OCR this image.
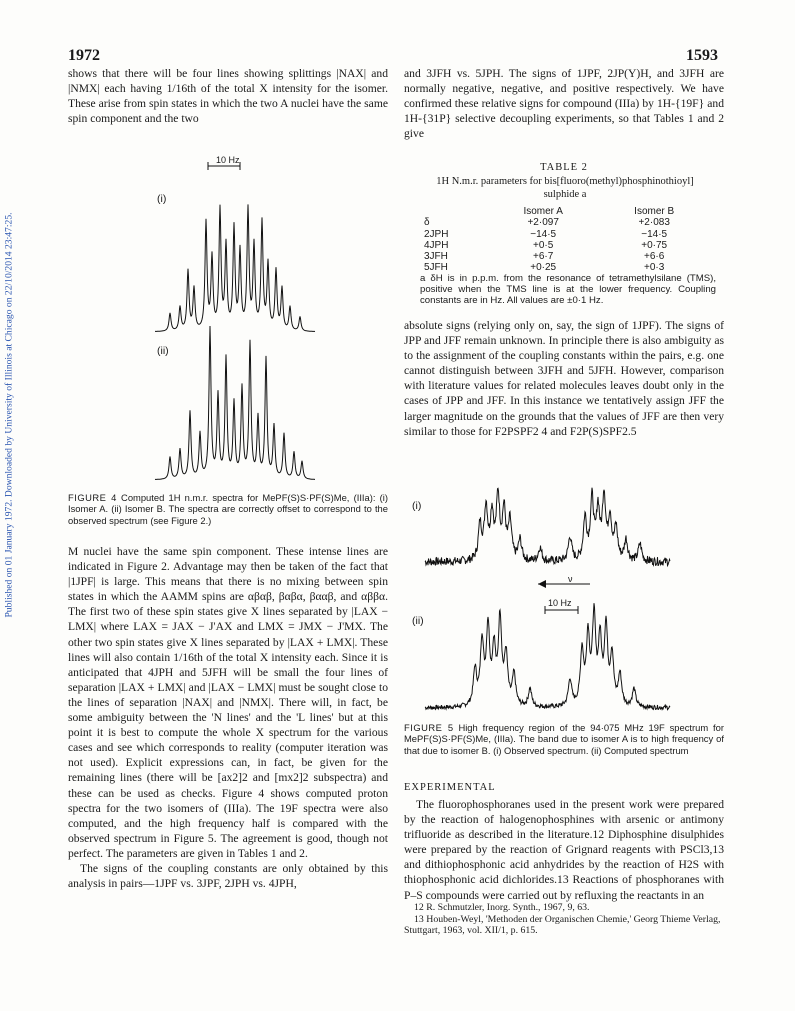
Published on 01 January 1972. Downloaded by University of Illinois at Chicago on 22/10/2014 23:47:25.
1972	1593

shows that there will be four lines showing splittings |NAX| and |NMX| each having 1/16th of the total X intensity for the isomer. These arise from spin states in which the two A nuclei have the same spin component and the two

(i)
(ii)
10 Hz
FIGURE 4 Computed 1H n.m.r. spectra for MePF(S)S·PF(S)Me, (IIIa): (i) Isomer A. (ii) Isomer B. The spectra are correctly offset to correspond to the observed spectrum (see Figure 2.)

M nuclei have the same spin component. These intense lines are indicated in Figure 2. Advantage may then be taken of the fact that |1JPF| is large. This means that there is no mixing between spin states in which the AAMM spins are αβαβ, βαβα, βααβ, and αββα. The first two of these spin states give X lines separated by |LAX − LMX| where LAX = JAX − J'AX and LMX = JMX − J'MX. The other two spin states give X lines separated by |LAX + LMX|. These lines will also contain 1/16th of the total X intensity each. Since it is anticipated that 4JPH and 5JFH will be small the four lines of separation |LAX + LMX| and |LAX − LMX| must be sought close to the lines of separation |NAX| and |NMX|. There will, in fact, be some ambiguity between the 'N lines' and the 'L lines' but at this point it is best to compute the whole X spectrum for the various cases and see which corresponds to reality (computer iteration was not used). Explicit expressions can, in fact, be given for the remaining lines (there will be [ax2]2 and [mx2]2 subspectra) and these can be used as checks. Figure 4 shows computed proton spectra for the two isomers of (IIIa). The 19F spectra were also computed, and the high frequency half is compared with the observed spectrum in Figure 5. The agreement is good, though not perfect. The parameters are given in Tables 1 and 2.

The signs of the coupling constants are only obtained by this analysis in pairs—1JPF vs. 3JPF, 2JPH vs. 4JPH,

and 3JFH vs. 5JPH. The signs of 1JPF, 2JP(Y)H, and 3JFH are normally negative, negative, and positive respectively. We have confirmed these relative signs for compound (IIIa) by 1H-{19F} and 1H-{31P} selective decoupling experiments, so that Tables 1 and 2 give

TABLE 2
1H N.m.r. parameters for bis[fluoro(methyl)phosphinothioyl] sulphide a
	Isomer A	Isomer B
δ	+2·097	+2·083
2JPH	−14·5	−14·5
4JPH	+0·5	+0·75
3JFH	+6·7	+6·6
5JFH	+0·25	+0·3
a δH is in p.p.m. from the resonance of tetramethylsilane (TMS), positive when the TMS line is at the lower frequency. Coupling constants are in Hz. All values are ±0·1 Hz.

absolute signs (relying only on, say, the sign of 1JPF). The signs of JPP and JFF remain unknown. In principle there is also ambiguity as to the assignment of the coupling constants within the pairs, e.g. one cannot distinguish between 3JFH and 5JFH. However, comparison with literature values for related molecules leaves doubt only in the cases of JPP and JFF. In this instance we tentatively assign JFF the larger magnitude on the grounds that the values of JFF are then very similar to those for F2PSPF2 4 and F2P(S)SPF2.5

(i)
(ii)
ν
10 Hz
FIGURE 5 High frequency region of the 94·075 MHz 19F spectrum for MePF(S)S·PF(S)Me, (IIIa). The band due to isomer A is to high frequency of that due to isomer B. (i) Observed spectrum. (ii) Computed spectrum
EXPERIMENTAL

The fluorophosphoranes used in the present work were prepared by the reaction of halogenophosphines with arsenic or antimony trifluoride as described in the literature.12 Diphosphine disulphides were prepared by the reaction of Grignard reagents with PSCl3,13 and dithiophosphonic acid anhydrides by the reaction of H2S with thiophosphonic acid dichlorides.13 Reactions of phosphoranes with P–S compounds were carried out by refluxing the reactants in an

12 R. Schmutzler, Inorg. Synth., 1967, 9, 63.

13 Houben-Weyl, 'Methoden der Organischen Chemie,' Georg Thieme Verlag, Stuttgart, 1963, vol. XII/1, p. 615.
